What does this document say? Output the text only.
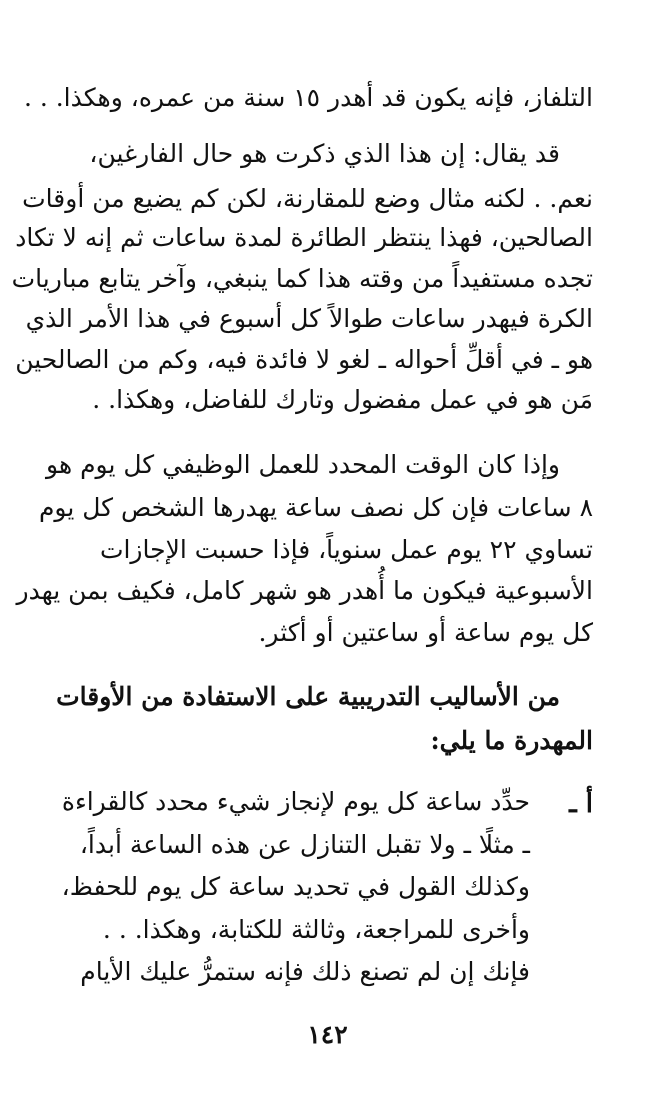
التلفاز، فإنه يكون قد أهدر ١٥ سنة من عمره، وهكذا. . .
قد يقال: إن هذا الذي ذكرت هو حال الفارغين،
نعم. . لكنه مثال وضع للمقارنة، لكن كم يضيع من أوقات
الصالحين، فهذا ينتظر الطائرة لمدة ساعات ثم إنه لا تكاد
تجده مستفيداً من وقته هذا كما ينبغي، وآخر يتابع مباريات
الكرة فيهدر ساعات طوالاً كل أسبوع في هذا الأمر الذي
هو ـ في أقلِّ أحواله ـ لغو لا فائدة فيه، وكم من الصالحين
مَن هو في عمل مفضول وتارك للفاضل، وهكذا. .
وإذا كان الوقت المحدد للعمل الوظيفي كل يوم هو
٨ ساعات فإن كل نصف ساعة يهدرها الشخص كل يوم
تساوي ٢٢ يوم عمل سنوياً، فإذا حسبت الإجازات
الأسبوعية فيكون ما أُهدر هو شهر كامل، فكيف بمن يهدر
كل يوم ساعة أو ساعتين أو أكثر.
من الأساليب التدريبية على الاستفادة من الأوقات
المهدرة ما يلي:
أ ـ
حدِّد ساعة كل يوم لإنجاز شيء محدد كالقراءة
ـ مثلًا ـ ولا تقبل التنازل عن هذه الساعة أبداً،
وكذلك القول في تحديد ساعة كل يوم للحفظ،
وأخرى للمراجعة، وثالثة للكتابة، وهكذا. . .
فإنك إن لم تصنع ذلك فإنه ستمرُّ عليك الأيام
١٤٢
